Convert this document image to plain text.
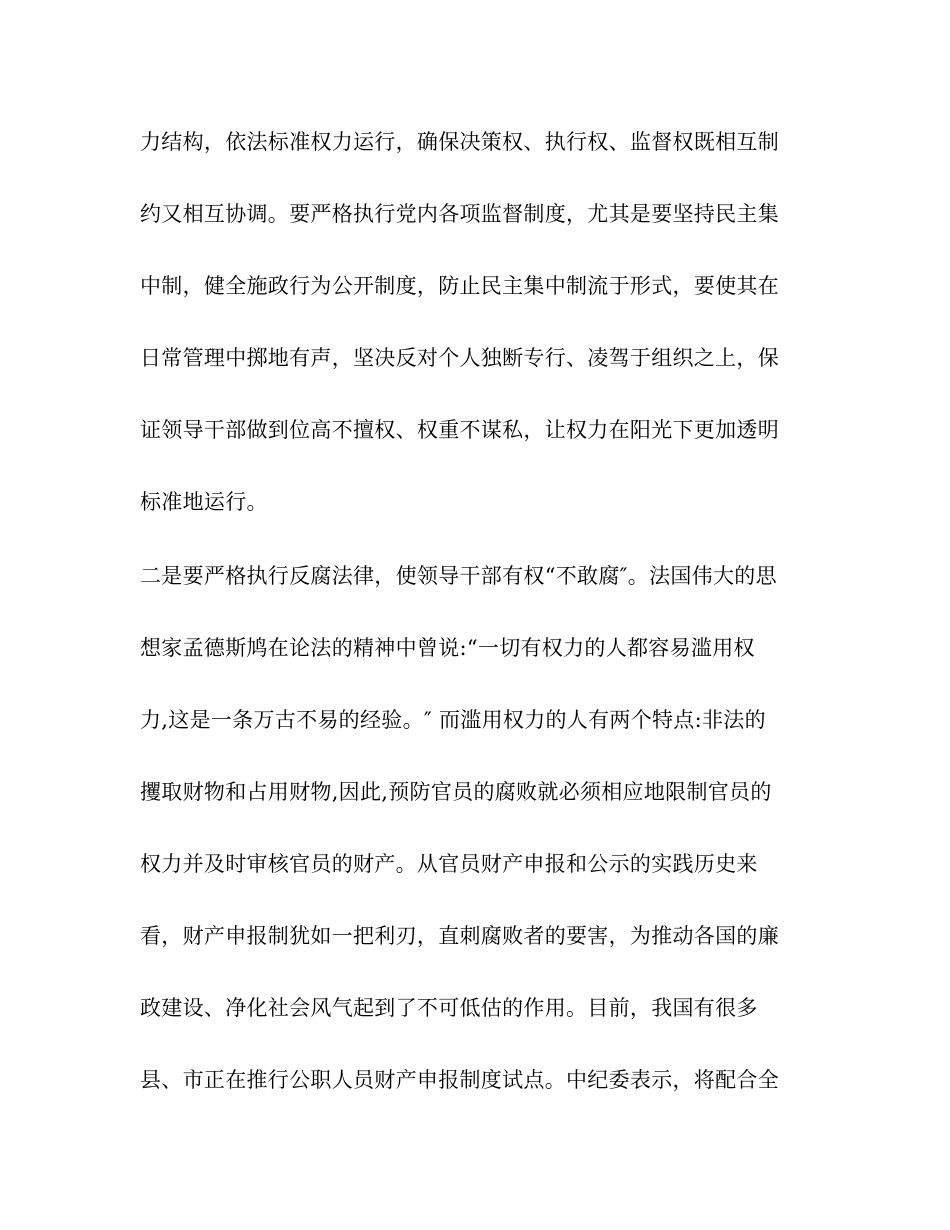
力结构，依法标准权力运行，确保决策权、执行权、监督权既相互制
约又相互协调。要严格执行党内各项监督制度，尤其是要坚持民主集
中制，健全施政行为公开制度，防止民主集中制流于形式，要使其在
日常管理中掷地有声，坚决反对个人独断专行、凌驾于组织之上，保
证领导干部做到位高不擅权、权重不谋私，让权力在阳光下更加透明
标准地运行。
二是要严格执行反腐法律，使领导干部有权“不敢腐″。法国伟大的思
想家孟德斯鸠在论法的精神中曾说:“一切有权力的人都容易滥用权
力,这是一条万古不易的经验。″ 而滥用权力的人有两个特点:非法的
攫取财物和占用财物,因此,预防官员的腐败就必须相应地限制官员的
权力并及时审核官员的财产。从官员财产申报和公示的实践历史来
看，财产申报制犹如一把利刃，直刺腐败者的要害，为推动各国的廉
政建设、净化社会风气起到了不可低估的作用。目前，我国有很多
县、市正在推行公职人员财产申报制度试点。中纪委表示，将配合全
